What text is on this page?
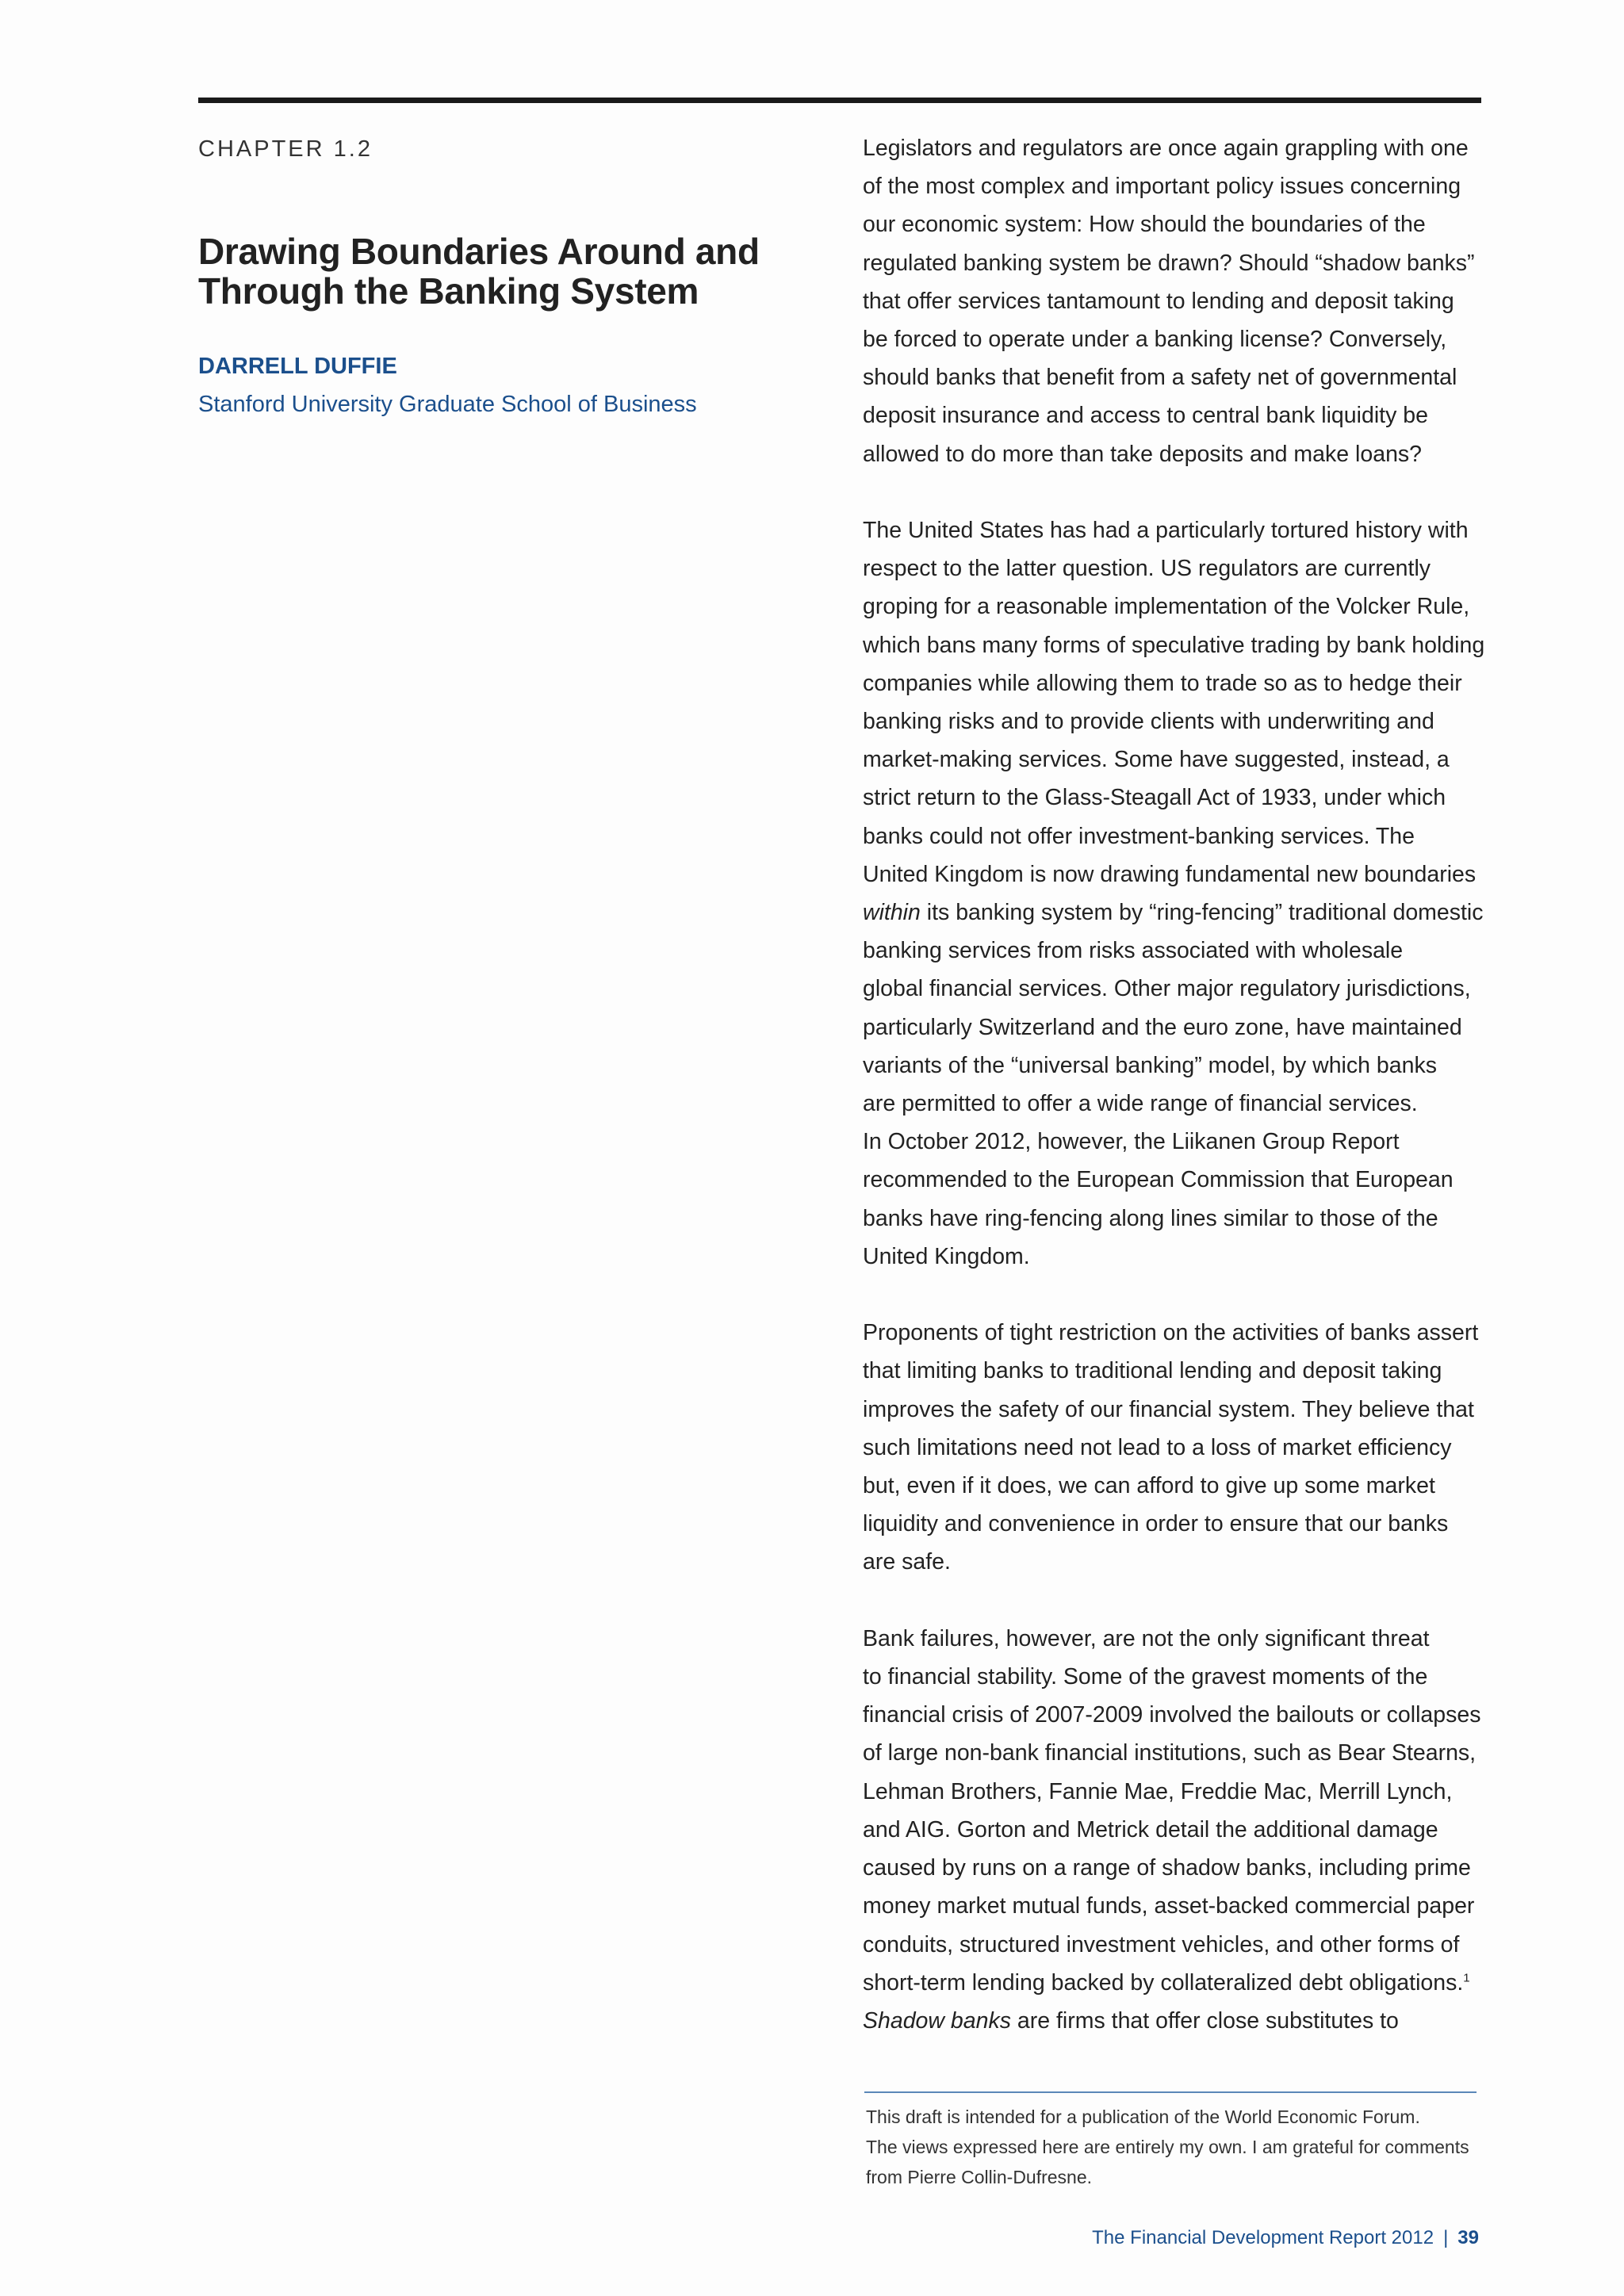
CHAPTER 1.2
Drawing Boundaries Around and
Through the Banking System
DARRELL DUFFIE
Stanford University Graduate School of Business

Legislators and regulators are once again grappling with one
of the most complex and important policy issues concerning
our economic system: How should the boundaries of the
regulated banking system be drawn? Should “shadow banks”
that offer services tantamount to lending and deposit taking
be forced to operate under a banking license? Conversely,
should banks that benefit from a safety net of governmental
deposit insurance and access to central bank liquidity be
allowed to do more than take deposits and make loans?

The United States has had a particularly tortured history with
respect to the latter question. US regulators are currently
groping for a reasonable implementation of the Volcker Rule,
which bans many forms of speculative trading by bank holding
companies while allowing them to trade so as to hedge their
banking risks and to provide clients with underwriting and
market-making services. Some have suggested, instead, a
strict return to the Glass-Steagall Act of 1933, under which
banks could not offer investment-banking services. The
United Kingdom is now drawing fundamental new boundaries
within its banking system by “ring-fencing” traditional domestic
banking services from risks associated with wholesale
global financial services. Other major regulatory jurisdictions,
particularly Switzerland and the euro zone, have maintained
variants of the “universal banking” model, by which banks
are permitted to offer a wide range of financial services.
In October 2012, however, the Liikanen Group Report
recommended to the European Commission that European
banks have ring-fencing along lines similar to those of the
United Kingdom.

Proponents of tight restriction on the activities of banks assert
that limiting banks to traditional lending and deposit taking
improves the safety of our financial system. They believe that
such limitations need not lead to a loss of market efficiency
but, even if it does, we can afford to give up some market
liquidity and convenience in order to ensure that our banks
are safe.

Bank failures, however, are not the only significant threat
to financial stability. Some of the gravest moments of the
financial crisis of 2007-2009 involved the bailouts or collapses
of large non-bank financial institutions, such as Bear Stearns,
Lehman Brothers, Fannie Mae, Freddie Mac, Merrill Lynch,
and AIG. Gorton and Metrick detail the additional damage
caused by runs on a range of shadow banks, including prime
money market mutual funds, asset-backed commercial paper
conduits, structured investment vehicles, and other forms of
short-term lending backed by collateralized debt obligations.$^1$
Shadow banks are firms that offer close substitutes to

This draft is intended for a publication of the World Economic Forum.
The views expressed here are entirely my own. I am grateful for comments
from Pierre Collin-Dufresne.
The Financial Development Report 2012 | 39
